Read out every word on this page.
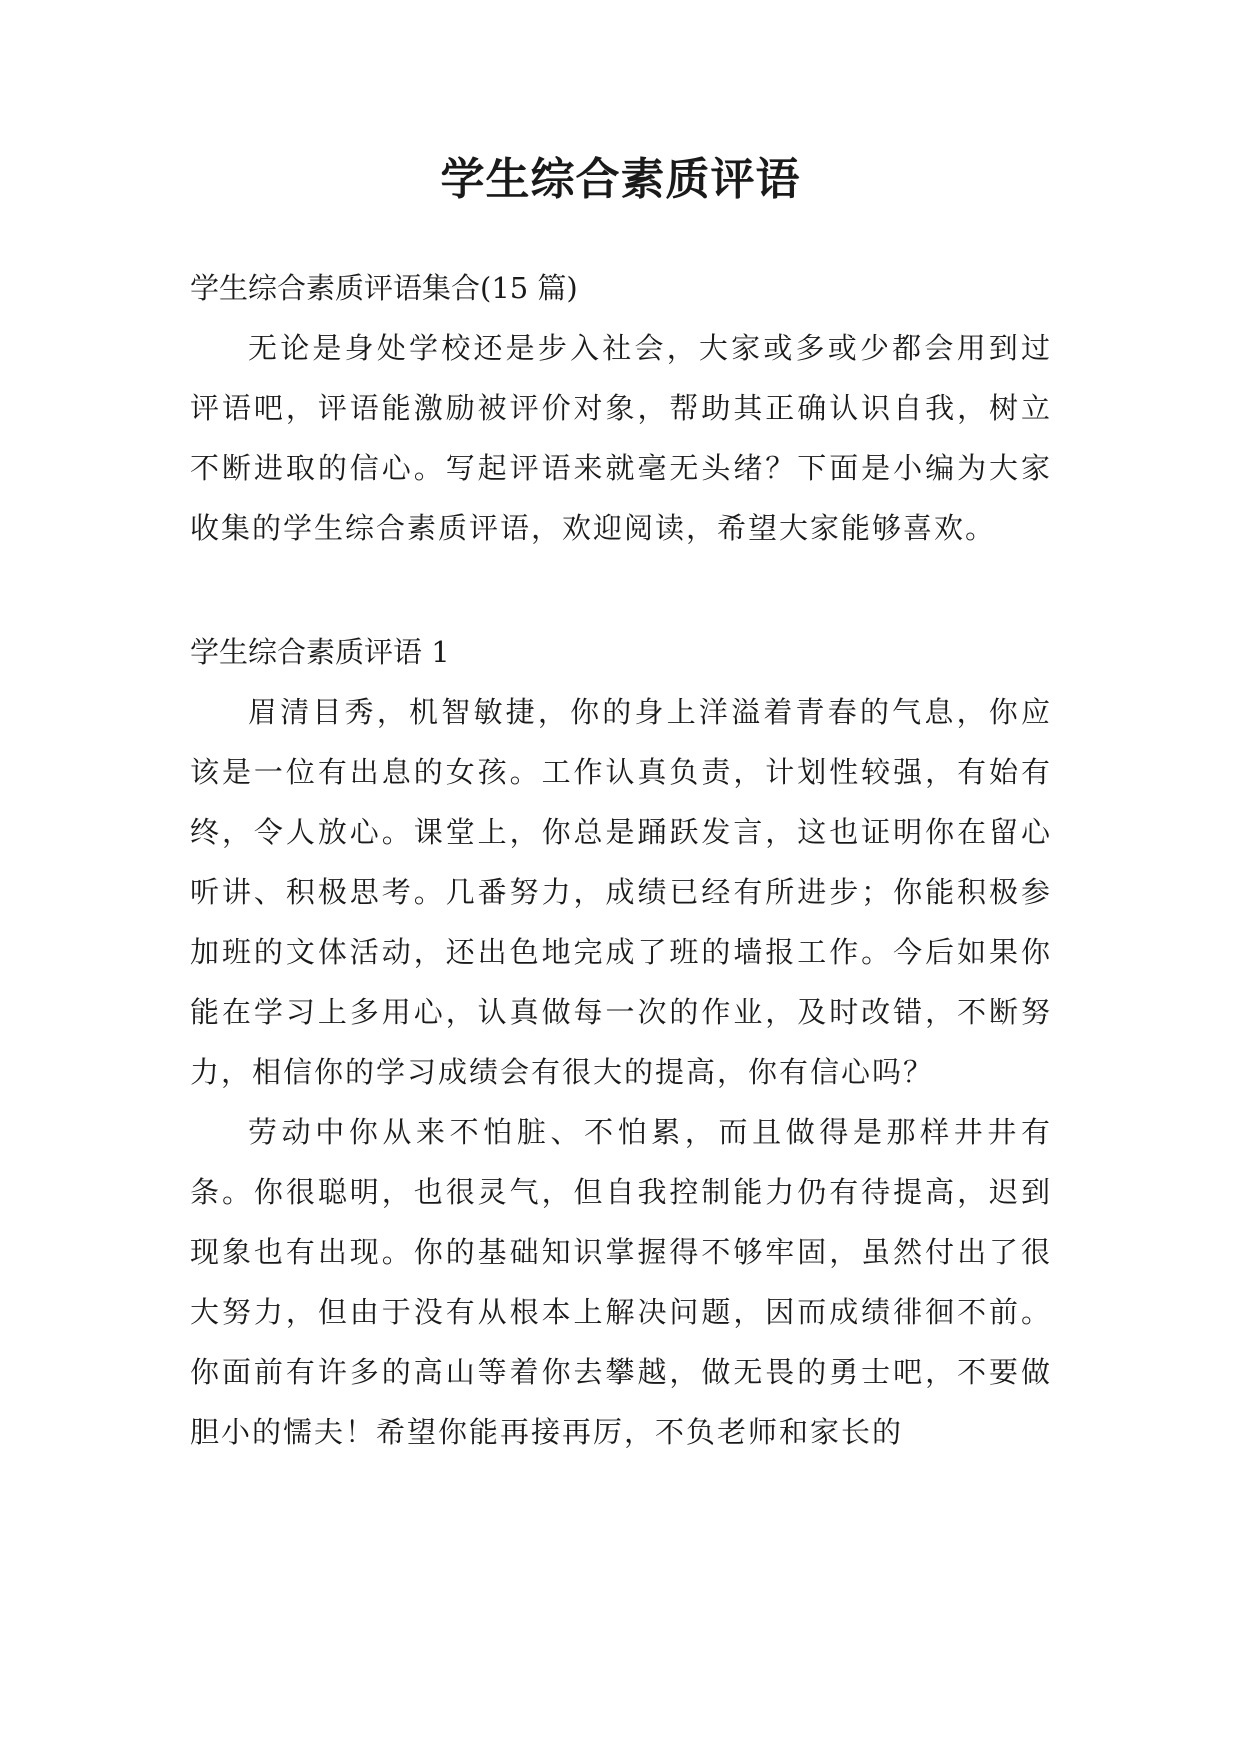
学生综合素质评语

学生综合素质评语集合(15 篇)

无论是身处学校还是步入社会，大家或多或少都会用到过评语吧，评语能激励被评价对象，帮助其正确认识自我，树立不断进取的信心。写起评语来就毫无头绪？下面是小编为大家收集的学生综合素质评语，欢迎阅读，希望大家能够喜欢。

学生综合素质评语 1

眉清目秀，机智敏捷，你的身上洋溢着青春的气息，你应该是一位有出息的女孩。工作认真负责，计划性较强，有始有终，令人放心。课堂上，你总是踊跃发言，这也证明你在留心听讲、积极思考。几番努力，成绩已经有所进步；你能积极参加班的文体活动，还出色地完成了班的墙报工作。今后如果你能在学习上多用心，认真做每一次的作业，及时改错，不断努力，相信你的学习成绩会有很大的提高，你有信心吗？

劳动中你从来不怕脏、不怕累，而且做得是那样井井有条。你很聪明，也很灵气，但自我控制能力仍有待提高，迟到现象也有出现。你的基础知识掌握得不够牢固，虽然付出了很大努力，但由于没有从根本上解决问题，因而成绩徘徊不前。你面前有许多的高山等着你去攀越，做无畏的勇士吧，不要做胆小的懦夫！希望你能再接再厉，不负老师和家长的
